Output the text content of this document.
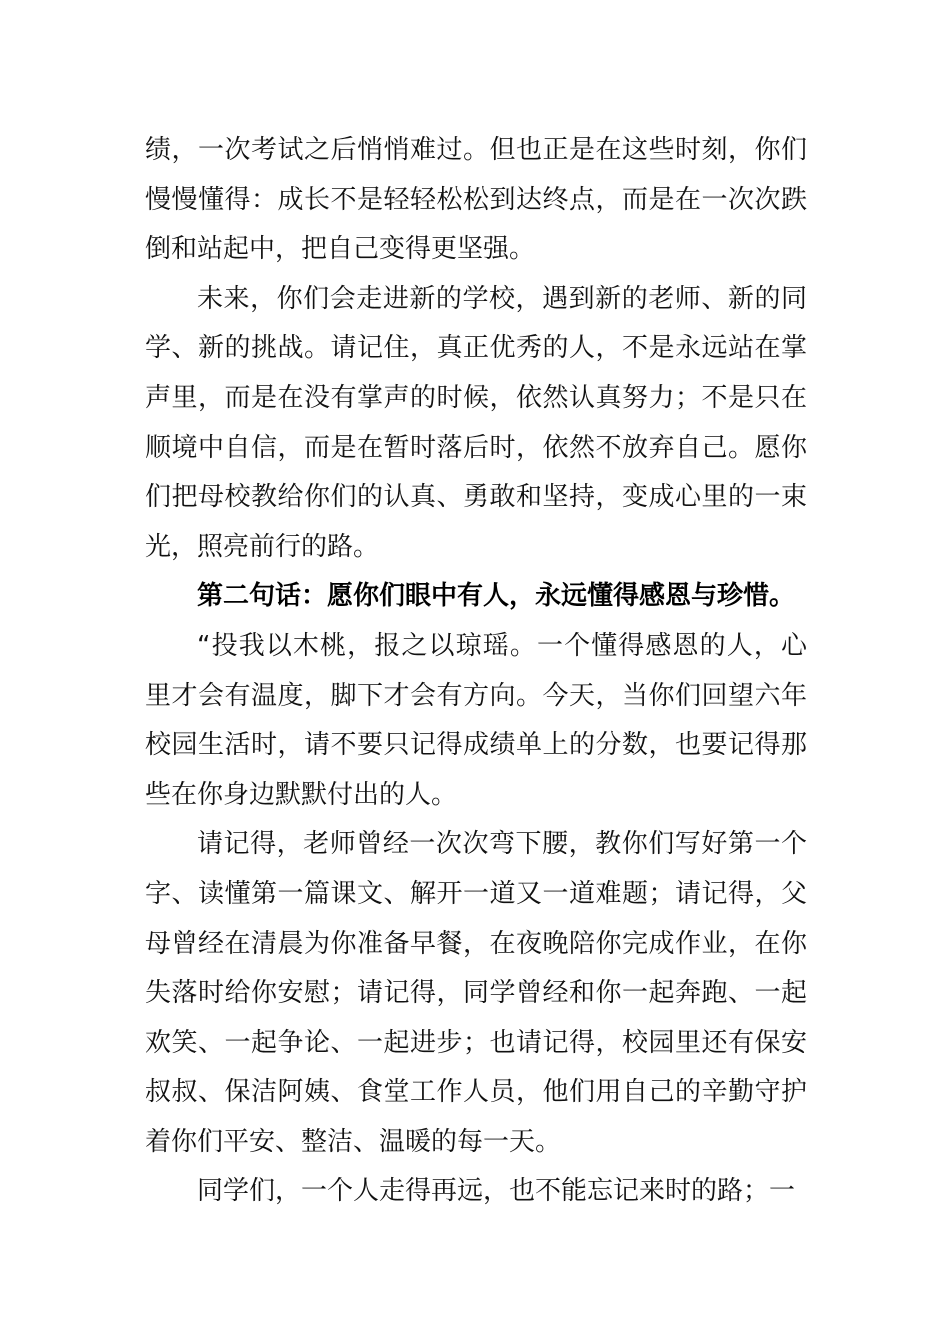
绩，一次考试之后悄悄难过。但也正是在这些时刻，你们慢慢懂得：成长不是轻轻松松到达终点，而是在一次次跌倒和站起中，把自己变得更坚强。

未来，你们会走进新的学校，遇到新的老师、新的同学、新的挑战。请记住，真正优秀的人，不是永远站在掌声里，而是在没有掌声的时候，依然认真努力；不是只在顺境中自信，而是在暂时落后时，依然不放弃自己。愿你们把母校教给你们的认真、勇敢和坚持，变成心里的一束光，照亮前行的路。

第二句话：愿你们眼中有人，永远懂得感恩与珍惜。

“投我以木桃，报之以琼瑶。一个懂得感恩的人，心里才会有温度，脚下才会有方向。今天，当你们回望六年校园生活时，请不要只记得成绩单上的分数，也要记得那些在你身边默默付出的人。

请记得，老师曾经一次次弯下腰，教你们写好第一个字、读懂第一篇课文、解开一道又一道难题；请记得，父母曾经在清晨为你准备早餐，在夜晚陪你完成作业，在你失落时给你安慰；请记得，同学曾经和你一起奔跑、一起欢笑、一起争论、一起进步；也请记得，校园里还有保安叔叔、保洁阿姨、食堂工作人员，他们用自己的辛勤守护着你们平安、整洁、温暖的每一天。

同学们，一个人走得再远，也不能忘记来时的路；一
